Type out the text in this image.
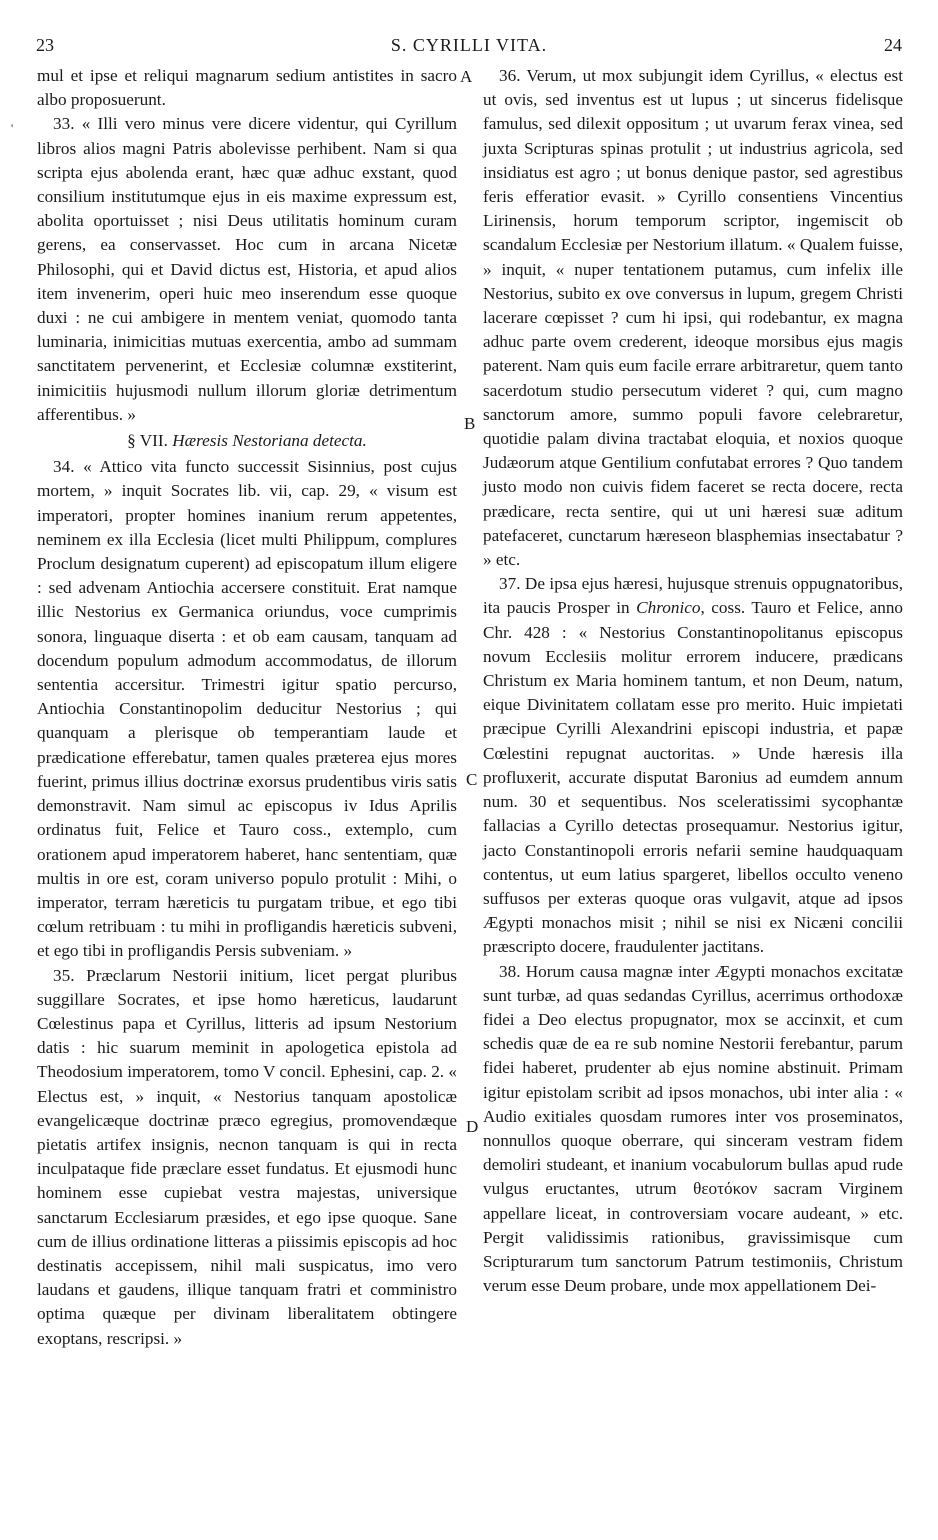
23	S. CYRILLI VITA.	24
'
A
B
C
D

mul et ipse et reliqui magnarum sedium antistites in sacro albo proposuerunt.

33. « Illi vero minus vere dicere videntur, qui Cyrillum libros alios magni Patris abolevisse perhibent. Nam si qua scripta ejus abolenda erant, hæc quæ adhuc exstant, quod consilium institutumque ejus in eis maxime expressum est, abolita oportuisset ; nisi Deus utilitatis hominum curam gerens, ea conservasset. Hoc cum in arcana Nicetæ Philosophi, qui et David dictus est, Historia, et apud alios item invenerim, operi huic meo inserendum esse quoque duxi : ne cui ambigere in mentem veniat, quomodo tanta luminaria, inimicitias mutuas exercentia, ambo ad summam sanctitatem pervenerint, et Ecclesiæ columnæ exstiterint, inimicitiis hujusmodi nullum illorum gloriæ detrimentum afferentibus. »

§ VII. Hæresis Nestoriana detecta.

34. « Attico vita functo successit Sisinnius, post cujus mortem, » inquit Socrates lib. vii, cap. 29, « visum est imperatori, propter homines inanium rerum appetentes, neminem ex illa Ecclesia (licet multi Philippum, complures Proclum designatum cuperent) ad episcopatum illum eligere : sed advenam Antiochia accersere constituit. Erat namque illic Nestorius ex Germanica oriundus, voce cumprimis sonora, linguaque diserta : et ob eam causam, tanquam ad docendum populum admodum accommodatus, de illorum sententia accersitur. Trimestri igitur spatio percurso, Antiochia Constantinopolim deducitur Nestorius ; qui quanquam a plerisque ob temperantiam laude et prædicatione efferebatur, tamen quales præterea ejus mores fuerint, primus illius doctrinæ exorsus prudentibus viris satis demonstravit. Nam simul ac episcopus iv Idus Aprilis ordinatus fuit, Felice et Tauro coss., extemplo, cum orationem apud imperatorem haberet, hanc sententiam, quæ multis in ore est, coram universo populo protulit : Mihi, o imperator, terram hæreticis tu purgatam tribue, et ego tibi cœlum retribuam : tu mihi in profligandis hæreticis subveni, et ego tibi in profligandis Persis subveniam. »

35. Præclarum Nestorii initium, licet pergat pluribus suggillare Socrates, et ipse homo hæreticus, laudarunt Cœlestinus papa et Cyrillus, litteris ad ipsum Nestorium datis : hic suarum meminit in apologetica epistola ad Theodosium imperatorem, tomo V concil. Ephesini, cap. 2. « Electus est, » inquit, « Nestorius tanquam apostolicæ evangelicæque doctrinæ præco egregius, promovendæque pietatis artifex insignis, necnon tanquam is qui in recta inculpataque fide præclare esset fundatus. Et ejusmodi hunc hominem esse cupiebat vestra majestas, universique sanctarum Ecclesiarum præsides, et ego ipse quoque. Sane cum de illius ordinatione litteras a piissimis episcopis ad hoc destinatis accepissem, nihil mali suspicatus, imo vero laudans et gaudens, illique tanquam fratri et comministro optima quæque per divinam liberalitatem obtingere exoptans, rescripsi. »

36. Verum, ut mox subjungit idem Cyrillus, « electus est ut ovis, sed inventus est ut lupus ; ut sincerus fidelisque famulus, sed dilexit oppositum ; ut uvarum ferax vinea, sed juxta Scripturas spinas protulit ; ut industrius agricola, sed insidiatus est agro ; ut bonus denique pastor, sed agrestibus feris efferatior evasit. » Cyrillo consentiens Vincentius Lirinensis, horum temporum scriptor, ingemiscit ob scandalum Ecclesiæ per Nestorium illatum. « Qualem fuisse, » inquit, « nuper tentationem putamus, cum infelix ille Nestorius, subito ex ove conversus in lupum, gregem Christi lacerare cœpisset ? cum hi ipsi, qui rodebantur, ex magna adhuc parte ovem crederent, ideoque morsibus ejus magis paterent. Nam quis eum facile errare arbitraretur, quem tanto sacerdotum studio persecutum videret ? qui, cum magno sanctorum amore, summo populi favore celebraretur, quotidie palam divina tractabat eloquia, et noxios quoque Judæorum atque Gentilium confutabat errores ? Quo tandem justo modo non cuivis fidem faceret se recta docere, recta prædicare, recta sentire, qui ut uni hæresi suæ aditum patefaceret, cunctarum hæreseon blasphemias insectabatur ? » etc.

37. De ipsa ejus hæresi, hujusque strenuis oppugnatoribus, ita paucis Prosper in Chronico, coss. Tauro et Felice, anno Chr. 428 : « Nestorius Constantinopolitanus episcopus novum Ecclesiis molitur errorem inducere, prædicans Christum ex Maria hominem tantum, et non Deum, natum, eique Divinitatem collatam esse pro merito. Huic impietati præcipue Cyrilli Alexandrini episcopi industria, et papæ Cœlestini repugnat auctoritas. » Unde hæresis illa profluxerit, accurate disputat Baronius ad eumdem annum num. 30 et sequentibus. Nos sceleratissimi sycophantæ fallacias a Cyrillo detectas prosequamur. Nestorius igitur, jacto Constantinopoli erroris nefarii semine haudquaquam contentus, ut eum latius spargeret, libellos occulto veneno suffusos per exteras quoque oras vulgavit, atque ad ipsos Ægypti monachos misit ; nihil se nisi ex Nicæni concilii præscripto docere, fraudulenter jactitans.

38. Horum causa magnæ inter Ægypti monachos excitatæ sunt turbæ, ad quas sedandas Cyrillus, acerrimus orthodoxæ fidei a Deo electus propugnator, mox se accinxit, et cum schedis quæ de ea re sub nomine Nestorii ferebantur, parum fidei haberet, prudenter ab ejus nomine abstinuit. Primam igitur epistolam scribit ad ipsos monachos, ubi inter alia : « Audio exitiales quosdam rumores inter vos proseminatos, nonnullos quoque oberrare, qui sinceram vestram fidem demoliri studeant, et inanium vocabulorum bullas apud rude vulgus eructantes, utrum θεοτόκον sacram Virginem appellare liceat, in controversiam vocare audeant, » etc. Pergit validissimis rationibus, gravissimisque cum Scripturarum tum sanctorum Patrum testimoniis, Christum verum esse Deum probare, unde mox appellationem Dei-
